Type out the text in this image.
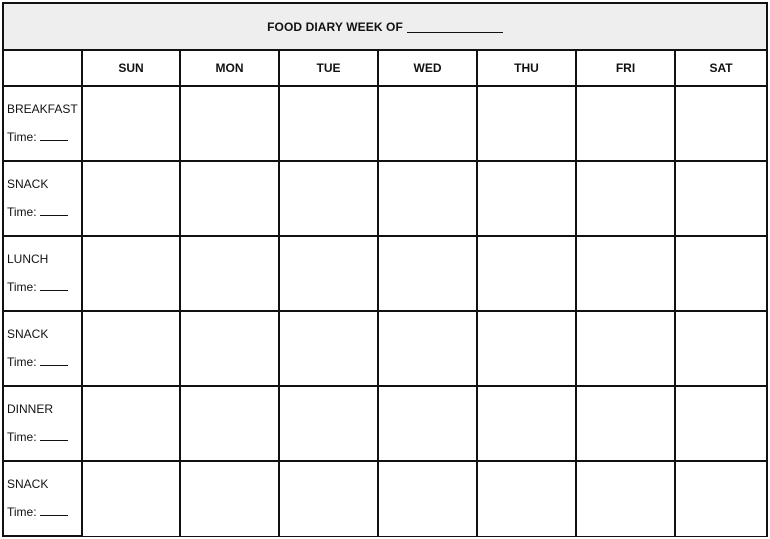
FOOD DIARY WEEK OF
	SUN	MON	TUE	WED	THU	FRI	SAT

BREAKFAST
Time:							

SNACK
Time:							

LUNCH
Time:							

SNACK
Time:							

DINNER
Time:							

SNACK
Time:							
